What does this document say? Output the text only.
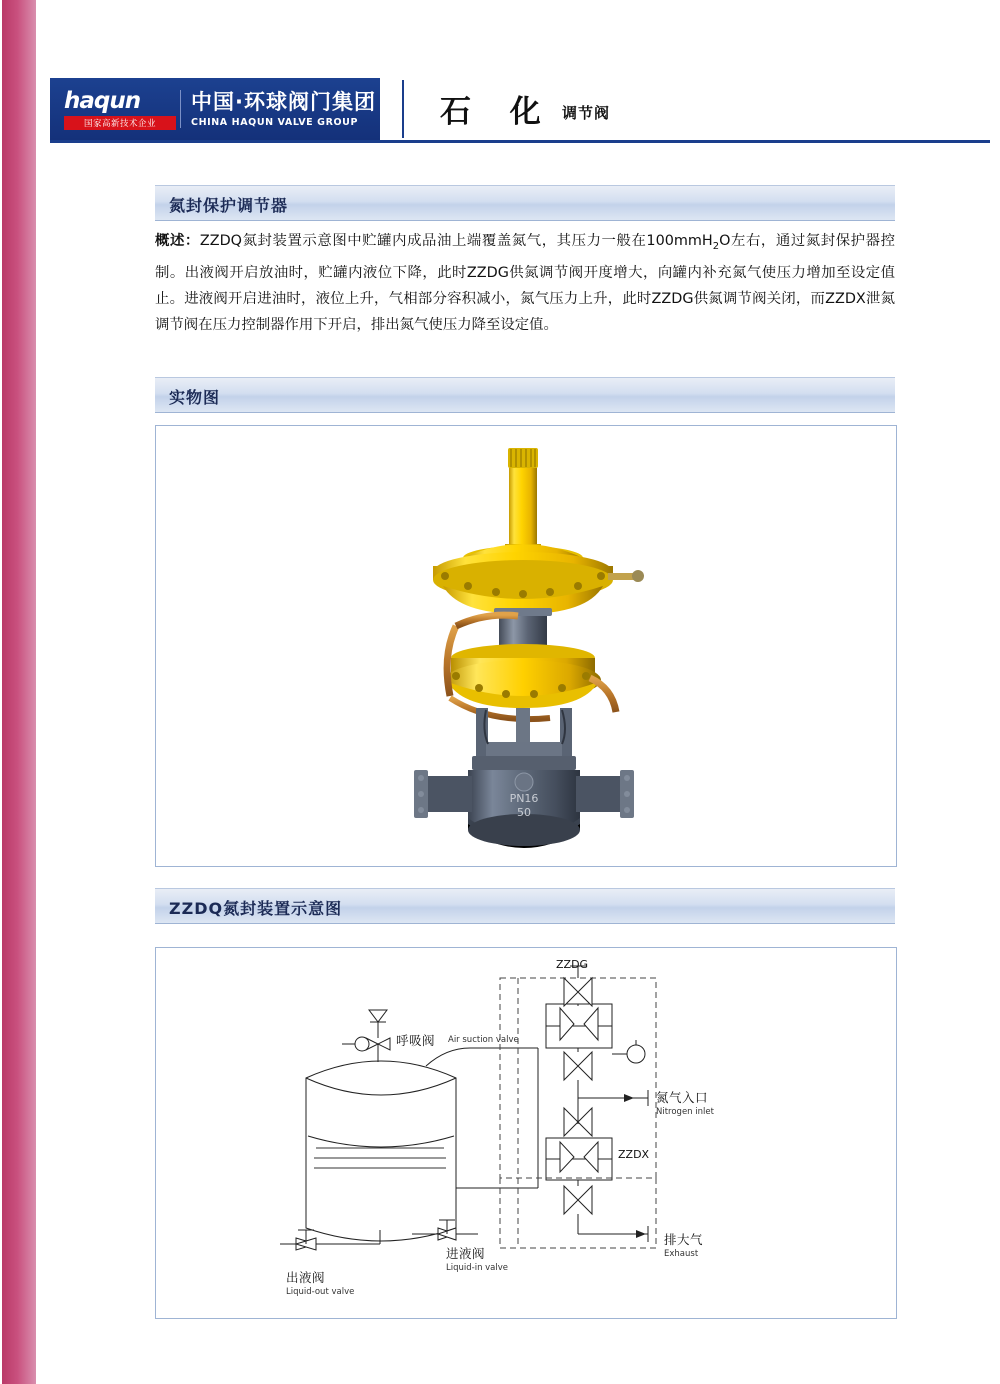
haqun
国家高新技术企业
中国·环球阀门集团
CHINA HAQUN VALVE GROUP	石 化 调节阀
氮封保护调节器
概述：ZZDQ氮封装置示意图中贮罐内成品油上端覆盖氮气，其压力一般在100mmH$_2$O左右，通过氮封保护器控制。出液阀开启放油时，贮罐内液位下降，此时ZZDG供氮调节阀开度增大，向罐内补充氮气使压力增加至设定值止。进液阀开启进油时，液位上升，气相部分容积减小，氮气压力上升，此时ZZDG供氮调节阀关闭，而ZZDX泄氮调节阀在压力控制器作用下开启，排出氮气使压力降至设定值。
实物图
PN16
50
ZZDQ氮封装置示意图
呼吸阀 Air suction valve
ZZDG
ZZDX
氮气入口
Nitrogen inlet
进液阀
Liquid-in valve
排大气
Exhaust
出液阀
Liquid-out valve
